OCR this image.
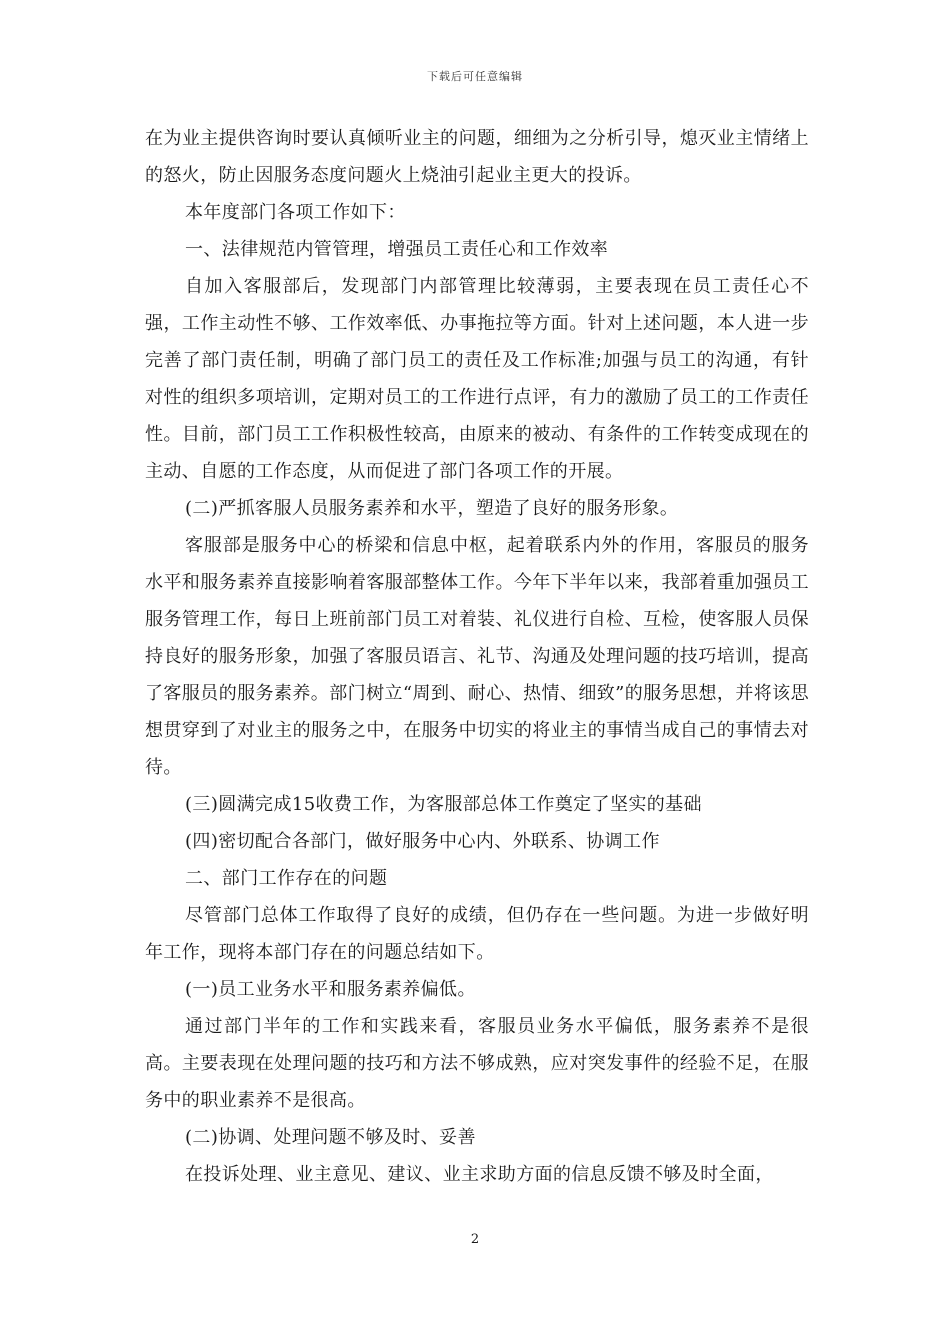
下载后可任意编辑

在为业主提供咨询时要认真倾听业主的问题，细细为之分析引导，熄灭业主情绪上的怒火，防止因服务态度问题火上烧油引起业主更大的投诉。

本年度部门各项工作如下：

一、法律规范内管管理，增强员工责任心和工作效率

自加入客服部后，发现部门内部管理比较薄弱，主要表现在员工责任心不强，工作主动性不够、工作效率低、办事拖拉等方面。针对上述问题，本人进一步完善了部门责任制，明确了部门员工的责任及工作标准;加强与员工的沟通，有针对性的组织多项培训，定期对员工的工作进行点评，有力的激励了员工的工作责任性。目前，部门员工工作积极性较高，由原来的被动、有条件的工作转变成现在的主动、自愿的工作态度，从而促进了部门各项工作的开展。

(二)严抓客服人员服务素养和水平，塑造了良好的服务形象。

客服部是服务中心的桥梁和信息中枢，起着联系内外的作用，客服员的服务水平和服务素养直接影响着客服部整体工作。今年下半年以来，我部着重加强员工服务管理工作，每日上班前部门员工对着装、礼仪进行自检、互检，使客服人员保持良好的服务形象，加强了客服员语言、礼节、沟通及处理问题的技巧培训，提高了客服员的服务素养。部门树立“周到、耐心、热情、细致”的服务思想，并将该思想贯穿到了对业主的服务之中，在服务中切实的将业主的事情当成自己的事情去对待。

(三)圆满完成15收费工作，为客服部总体工作奠定了坚实的基础

(四)密切配合各部门，做好服务中心内、外联系、协调工作

二、部门工作存在的问题

尽管部门总体工作取得了良好的成绩，但仍存在一些问题。为进一步做好明年工作，现将本部门存在的问题总结如下。

(一)员工业务水平和服务素养偏低。

通过部门半年的工作和实践来看，客服员业务水平偏低，服务素养不是很高。主要表现在处理问题的技巧和方法不够成熟，应对突发事件的经验不足，在服务中的职业素养不是很高。

(二)协调、处理问题不够及时、妥善

在投诉处理、业主意见、建议、业主求助方面的信息反馈不够及时全面，

2
